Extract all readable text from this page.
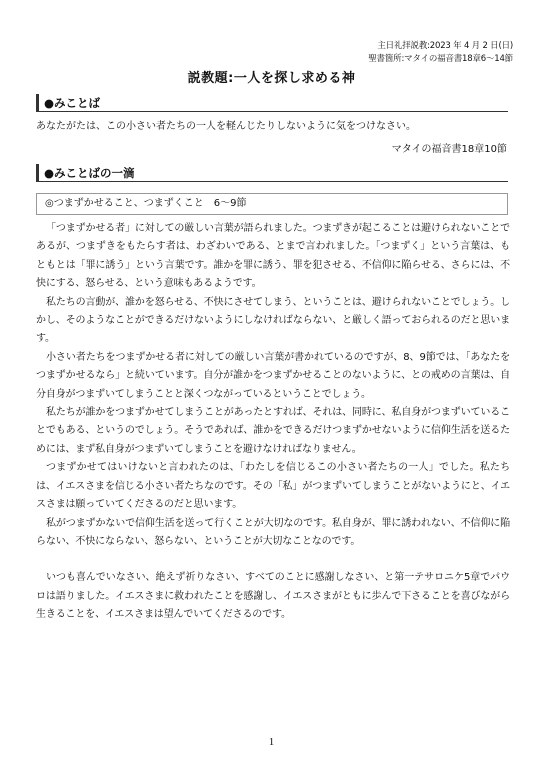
主日礼拝説教:2023 年 4 月 2 日(日)
聖書箇所:マタイの福音書18章6〜14節
説教題:一人を探し求める神
●みことば
あなたがたは、この小さい者たちの一人を軽んじたりしないように気をつけなさい。
マタイの福音書18章10節
●みことばの一滴
◎つまずかせること、つまずくこと　6〜9節

「つまずかせる者」に対しての厳しい言葉が語られました。つまずきが起こることは避けられないことであるが、つまずきをもたらす者は、わざわいである、とまで言われました。「つまずく」という言葉は、もともとは「罪に誘う」という言葉です。誰かを罪に誘う、罪を犯させる、不信仰に陥らせる、さらには、不快にする、怒らせる、という意味もあるようです。

私たちの言動が、誰かを怒らせる、不快にさせてしまう、ということは、避けられないことでしょう。しかし、そのようなことができるだけないようにしなければならない、と厳しく語っておられるのだと思います。

小さい者たちをつまずかせる者に対しての厳しい言葉が書かれているのですが、8、9節では、「あなたをつまずかせるなら」と続いています。自分が誰かをつまずかせることのないように、との戒めの言葉は、自分自身がつまずいてしまうことと深くつながっているということでしょう。

私たちが誰かをつまずかせてしまうことがあったとすれば、それは、同時に、私自身がつまずいていることでもある、というのでしょう。そうであれば、誰かをできるだけつまずかせないように信仰生活を送るためには、まず私自身がつまずいてしまうことを避けなければなりません。

つまずかせてはいけないと言われたのは、「わたしを信じるこの小さい者たちの一人」でした。私たちは、イエスさまを信じる小さい者たちなのです。その「私」がつまずいてしまうことがないようにと、イエスさまは願っていてくださるのだと思います。

私がつまずかないで信仰生活を送って行くことが大切なのです。私自身が、罪に誘われない、不信仰に陥らない、不快にならない、怒らない、ということが大切なことなのです。

いつも喜んでいなさい、絶えず祈りなさい、すべてのことに感謝しなさい、と第一テサロニケ5章でパウロは語りました。イエスさまに救われたことを感謝し、イエスさまがともに歩んで下さることを喜びながら生きることを、イエスさまは望んでいてくださるのです。

1
